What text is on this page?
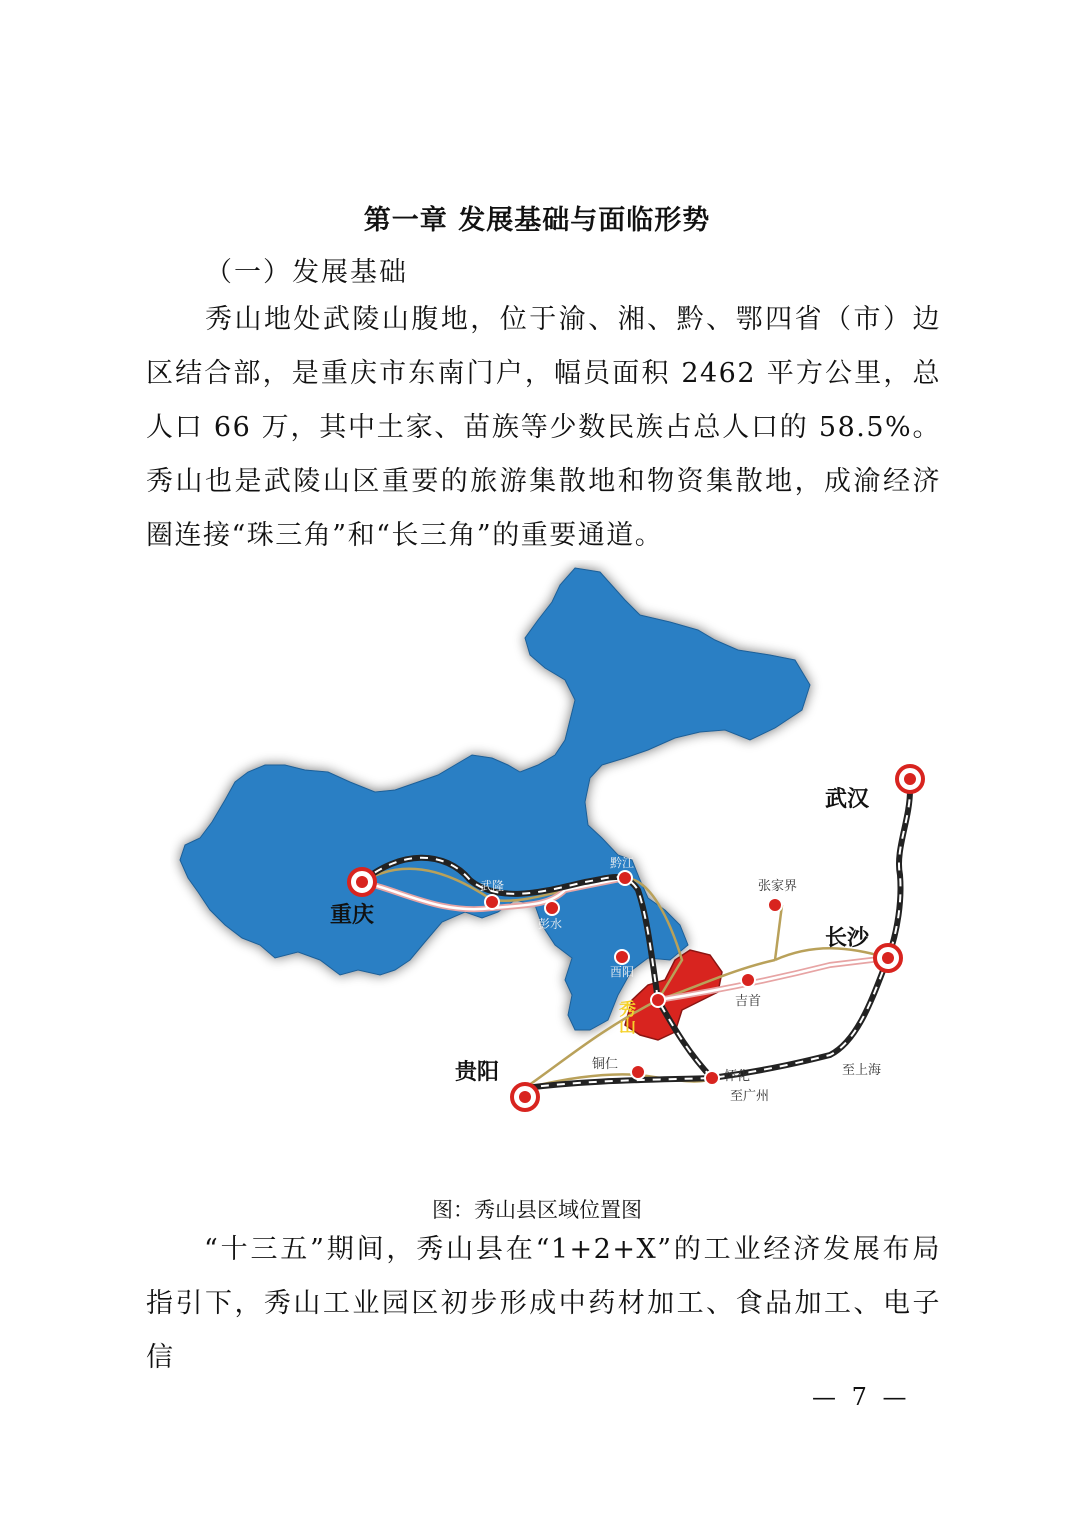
第一章 发展基础与面临形势
（一）发展基础

秀山地处武陵山腹地，位于渝、湘、黔、鄂四省（市）边区结合部，是重庆市东南门户，幅员面积 2462 平方公里，总人口 66 万，其中土家、苗族等少数民族占总人口的 58.5%。秀山也是武陵山区重要的旅游集散地和物资集散地，成渝经济圈连接“珠三角”和“长三角”的重要通道。

重庆
武汉
长沙
贵阳
秀山
武隆
彭水
黔江
酉阳
张家界
吉首
铜仁
怀化	至上海
至广州
图：秀山县区域位置图

“十三五”期间，秀山县在“1+2+X”的工业经济发展布局指引下，秀山工业园区初步形成中药材加工、食品加工、电子信

— 7 —
